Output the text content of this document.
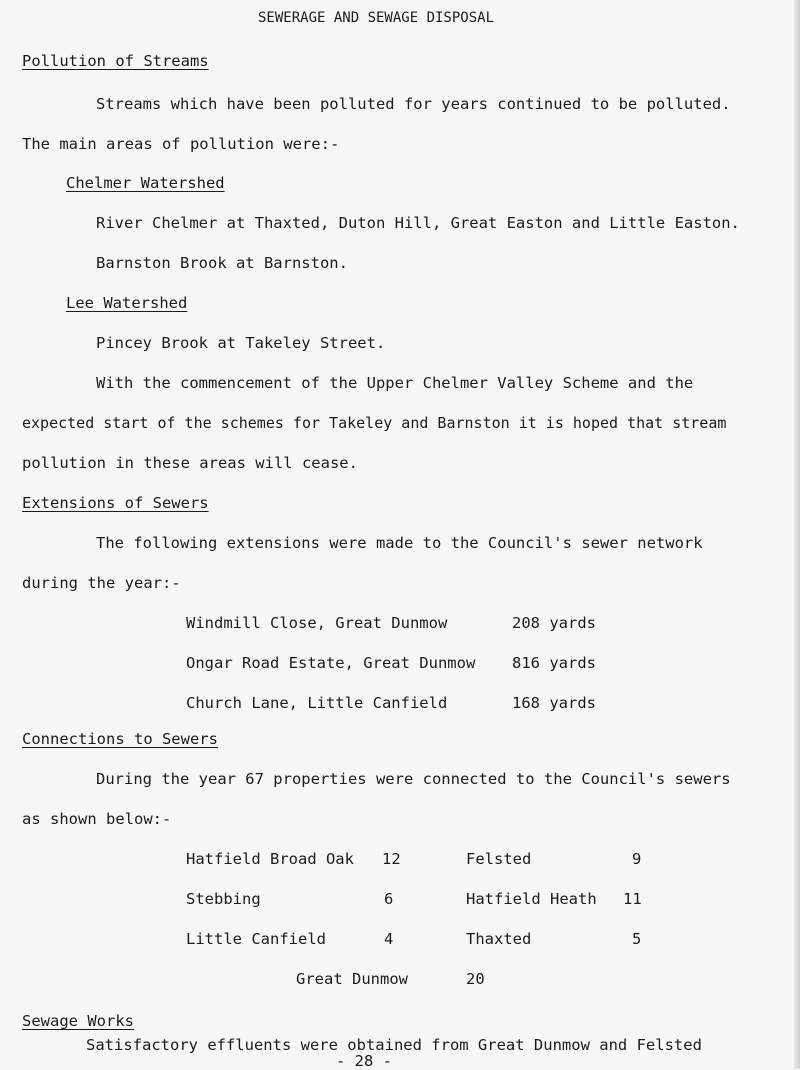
SEWERAGE AND SEWAGE DISPOSAL
Pollution of Streams
Streams which have been polluted for years continued to be polluted.
The main areas of pollution were:-
Chelmer Watershed
River Chelmer at Thaxted, Duton Hill, Great Easton and Little Easton.
Barnston Brook at Barnston.
Lee Watershed
Pincey Brook at Takeley Street.
With the commencement of the Upper Chelmer Valley Scheme and the
expected start of the schemes for Takeley and Barnston it is hoped that stream
pollution in these areas will cease.
Extensions of Sewers
The following extensions were made to the Council's sewer network
during the year:-
Windmill Close, Great Dunmow	208 yards
Ongar Road Estate, Great Dunmow 816 yards
Church Lane, Little Canfield	168 yards
Connections to Sewers
During the year 67 properties were connected to the Council's sewers
as shown below:-
Hatfield Broad Oak 12	Felsted	9
Stebbing	6	Hatfield Heath 11
Little Canfield	4	Thaxted	5
Great Dunmow	20
Sewage Works
Satisfactory effluents were obtained from Great Dunmow and Felsted
- 28 -
